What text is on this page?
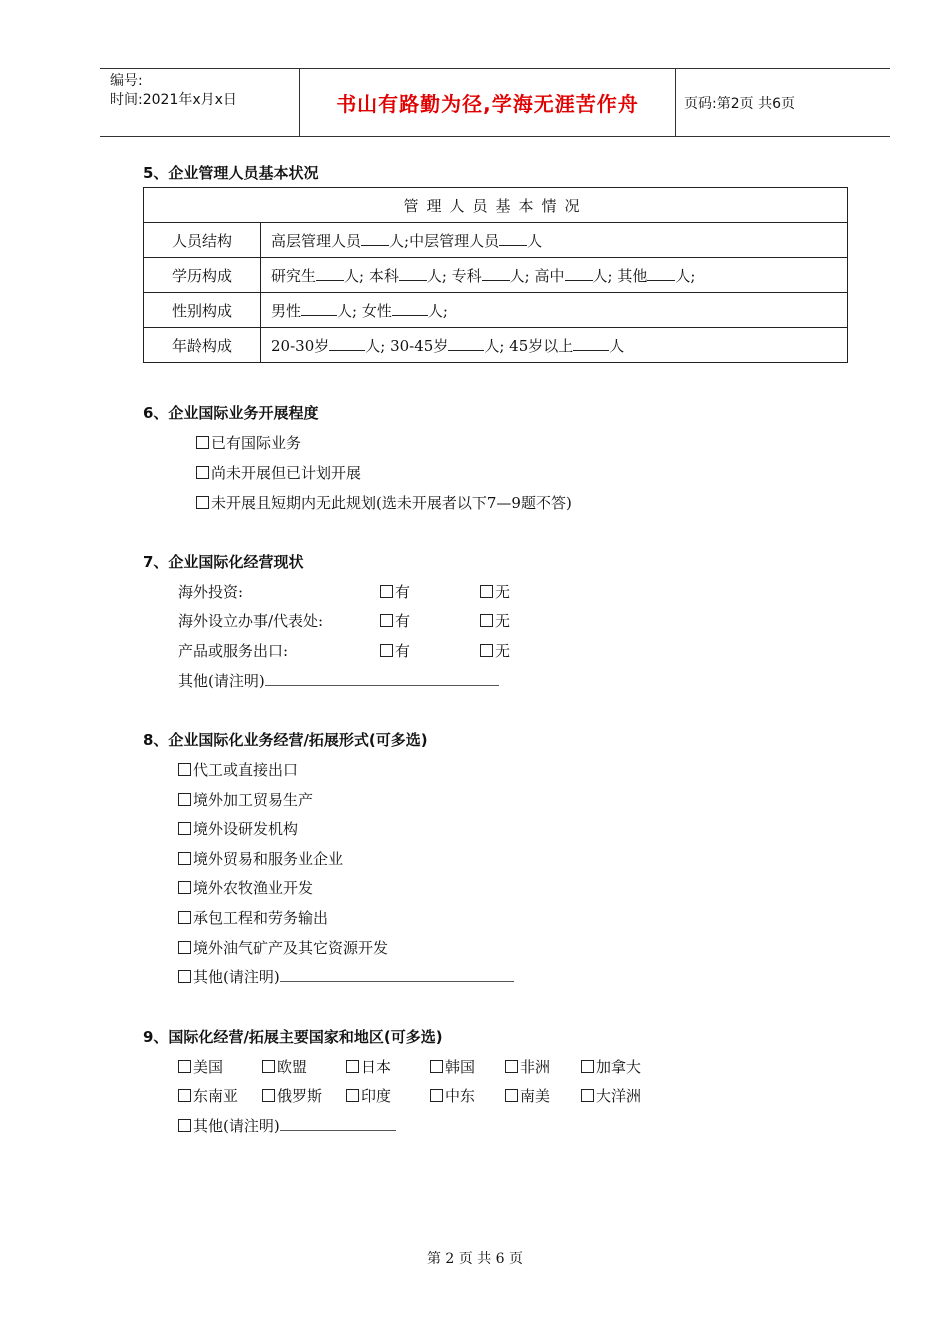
编号:
时间:2021年x月x日	书山有路勤为径,学海无涯苦作舟	页码:第2页 共6页
5、企业管理人员基本状况
管理人员基本情况	
人员结构	高层管理人员 人;中层管理人员 人
学历构成	研究生 人; 本科 人; 专科 人; 高中 人; 其他 人;
性别构成	男性 人; 女性 人;
年龄构成	20-30岁 人; 30-45岁 人; 45岁以上 人
6、企业国际业务开展程度
已有国际业务
尚未开展但已计划开展
未开展且短期内无此规划(选未开展者以下7—9题不答)
7、企业国际化经营现状
海外投资:	有	无
海外设立办事/代表处:	有	无
产品或服务出口:	有	无
其他(请注明)
8、企业国际化业务经营/拓展形式(可多选)
代工或直接出口
境外加工贸易生产
境外设研发机构
境外贸易和服务业企业
境外农牧渔业开发
承包工程和劳务输出
境外油气矿产及其它资源开发
其他(请注明)
9、国际化经营/拓展主要国家和地区(可多选)
美国	欧盟	日本	韩国	非洲	加拿大
东南亚	俄罗斯	印度	中东	南美	大洋洲
其他(请注明)
第 2 页 共 6 页
